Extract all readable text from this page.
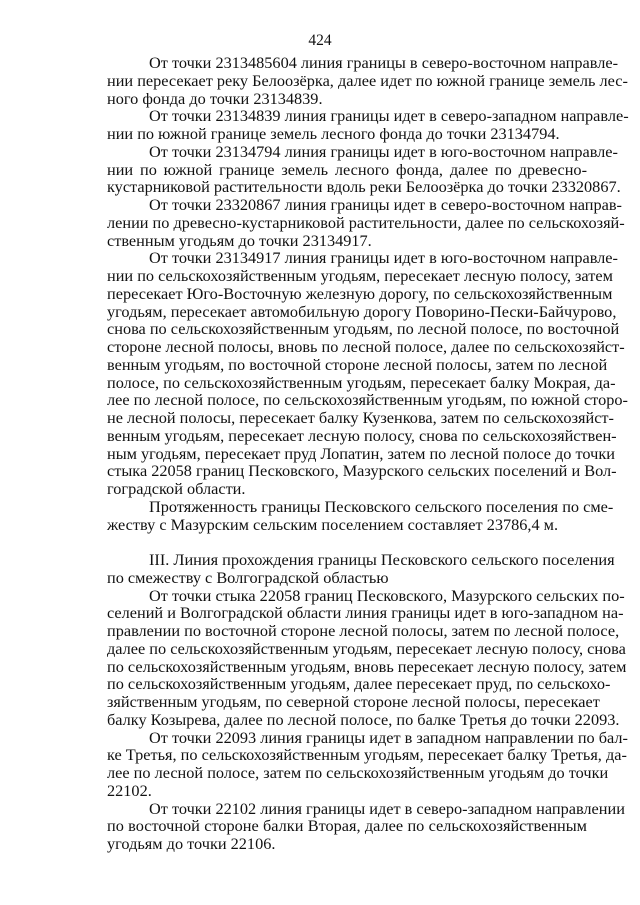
424
От точки 2313485604 линия границы в северо-восточном направле-
нии пересекает реку Белоозёрка, далее идет по южной границе земель лес-
ного фонда до точки 23134839.
От точки 23134839 линия границы идет в северо-западном направле-
нии по южной границе земель лесного фонда до точки 23134794.
От точки 23134794 линия границы идет в юго-восточном направле-
нии по южной границе земель лесного фонда, далее по древесно-
кустарниковой растительности вдоль реки Белоозёрка до точки 23320867.
От точки 23320867 линия границы идет в северо-восточном направ-
лении по древесно-кустарниковой растительности, далее по сельскохозяй-
ственным угодьям до точки 23134917.
От точки 23134917 линия границы идет в юго-восточном направле-
нии по сельскохозяйственным угодьям, пересекает лесную полосу, затем
пересекает Юго-Восточную железную дорогу, по сельскохозяйственным
угодьям, пересекает автомобильную дорогу Поворино-Пески-Байчурово,
снова по сельскохозяйственным угодьям, по лесной полосе, по восточной
стороне лесной полосы, вновь по лесной полосе, далее по сельскохозяйст-
венным угодьям, по восточной стороне лесной полосы, затем по лесной
полосе, по сельскохозяйственным угодьям, пересекает балку Мокрая, да-
лее по лесной полосе, по сельскохозяйственным угодьям, по южной сторо-
не лесной полосы, пересекает балку Кузенкова, затем по сельскохозяйст-
венным угодьям, пересекает лесную полосу, снова по сельскохозяйствен-
ным угодьям, пересекает пруд Лопатин, затем по лесной полосе до точки
стыка 22058 границ Песковского, Мазурского сельских поселений и Вол-
гоградской области.
Протяженность границы Песковского сельского поселения по сме-
жеству с Мазурским сельским поселением составляет 23786,4 м.
III. Линия прохождения границы Песковского сельского поселения
по смежеству с Волгоградской областью
От точки стыка 22058 границ Песковского, Мазурского сельских по-
селений и Волгоградской области линия границы идет в юго-западном на-
правлении по восточной стороне лесной полосы, затем по лесной полосе,
далее по сельскохозяйственным угодьям, пересекает лесную полосу, снова
по сельскохозяйственным угодьям, вновь пересекает лесную полосу, затем
по сельскохозяйственным угодьям, далее пересекает пруд, по сельскохо-
зяйственным угодьям, по северной стороне лесной полосы, пересекает
балку Козырева, далее по лесной полосе, по балке Третья до точки 22093.
От точки 22093 линия границы идет в западном направлении по бал-
ке Третья, по сельскохозяйственным угодьям, пересекает балку Третья, да-
лее по лесной полосе, затем по сельскохозяйственным угодьям до точки
22102.
От точки 22102 линия границы идет в северо-западном направлении
по восточной стороне балки Вторая, далее по сельскохозяйственным
угодьям до точки 22106.
